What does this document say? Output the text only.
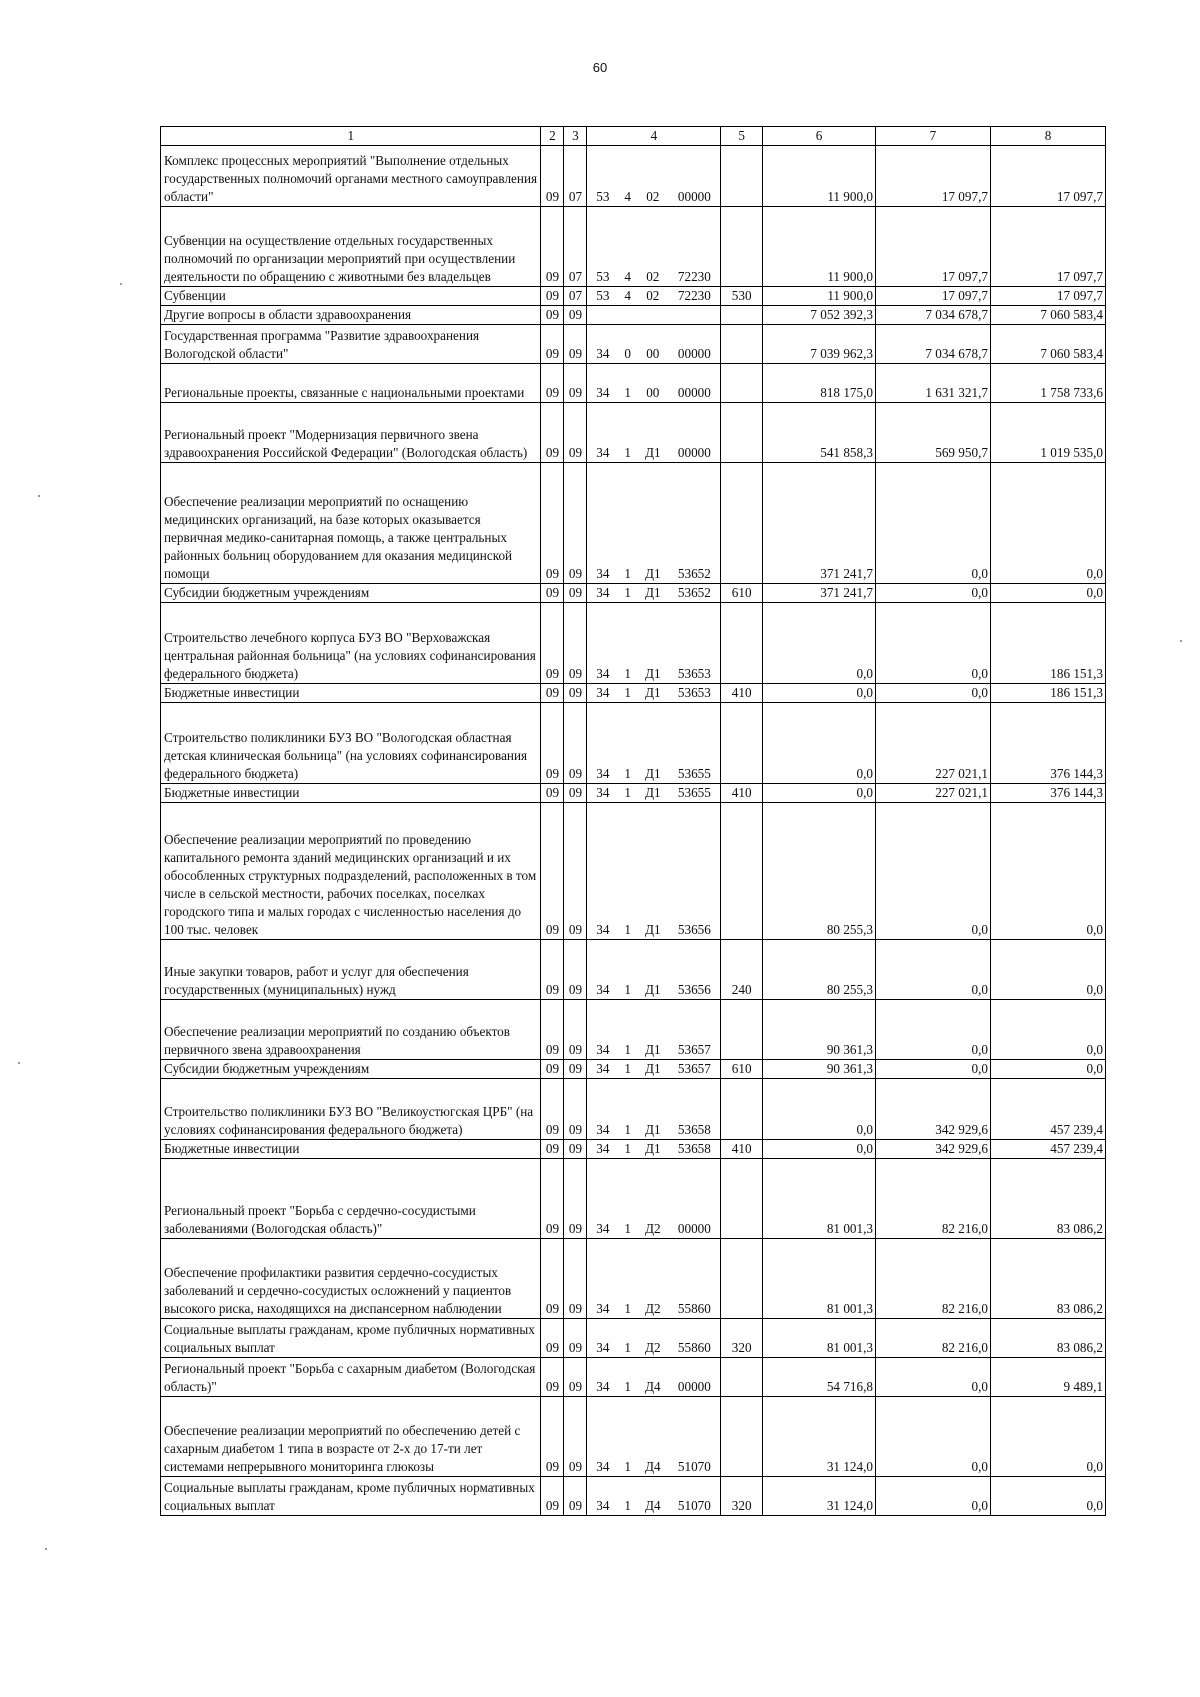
60
1	2	3	4				5	6	7	8
Комплекс процессных мероприятий "Выполнение отдельных государственных полномочий органами местного самоуправления области"	09	07	53	4	02	00000		11 900,0	17 097,7	17 097,7
Субвенции на осуществление отдельных государственных полномочий по организации мероприятий при осуществлении деятельности по обращению с животными без владельцев	09	07	53	4	02	72230		11 900,0	17 097,7	17 097,7
Субвенции	09	07	53	4	02	72230	530	11 900,0	17 097,7	17 097,7
Другие вопросы в области здравоохранения	09	09						7 052 392,3	7 034 678,7	7 060 583,4
Государственная программа "Развитие здравоохранения Вологодской области"	09	09	34	0	00	00000		7 039 962,3	7 034 678,7	7 060 583,4
Региональные проекты, связанные с национальными проектами	09	09	34	1	00	00000		818 175,0	1 631 321,7	1 758 733,6
Региональный проект "Модернизация первичного звена здравоохранения Российской Федерации" (Вологодская область)	09	09	34	1	Д1	00000		541 858,3	569 950,7	1 019 535,0
Обеспечение реализации мероприятий по оснащению медицинских организаций, на базе которых оказывается первичная медико-санитарная помощь, а также центральных районных больниц оборудованием для оказания медицинской помощи	09	09	34	1	Д1	53652		371 241,7	0,0	0,0
Субсидии бюджетным учреждениям	09	09	34	1	Д1	53652	610	371 241,7	0,0	0,0
Строительство лечебного корпуса БУЗ ВО "Верховажская центральная районная больница" (на условиях софинансирования федерального бюджета)	09	09	34	1	Д1	53653		0,0	0,0	186 151,3
Бюджетные инвестиции	09	09	34	1	Д1	53653	410	0,0	0,0	186 151,3
Строительство поликлиники БУЗ ВО "Вологодская областная детская клиническая больница" (на условиях софинансирования федерального бюджета)	09	09	34	1	Д1	53655		0,0	227 021,1	376 144,3
Бюджетные инвестиции	09	09	34	1	Д1	53655	410	0,0	227 021,1	376 144,3
Обеспечение реализации мероприятий по проведению капитального ремонта зданий медицинских организаций и их обособленных структурных подразделений, расположенных в том числе в сельской местности, рабочих поселках, поселках городского типа и малых городах с численностью населения до 100 тыс. человек	09	09	34	1	Д1	53656		80 255,3	0,0	0,0
Иные закупки товаров, работ и услуг для обеспечения государственных (муниципальных) нужд	09	09	34	1	Д1	53656	240	80 255,3	0,0	0,0
Обеспечение реализации мероприятий по созданию объектов первичного звена здравоохранения	09	09	34	1	Д1	53657		90 361,3	0,0	0,0
Субсидии бюджетным учреждениям	09	09	34	1	Д1	53657	610	90 361,3	0,0	0,0
Строительство поликлиники БУЗ ВО "Великоустюгская ЦРБ" (на условиях софинансирования федерального бюджета)	09	09	34	1	Д1	53658		0,0	342 929,6	457 239,4
Бюджетные инвестиции	09	09	34	1	Д1	53658	410	0,0	342 929,6	457 239,4
Региональный проект "Борьба с сердечно-сосудистыми заболеваниями (Вологодская область)"	09	09	34	1	Д2	00000		81 001,3	82 216,0	83 086,2
Обеспечение профилактики развития сердечно-сосудистых заболеваний и сердечно-сосудистых осложнений у пациентов высокого риска, находящихся на диспансерном наблюдении	09	09	34	1	Д2	55860		81 001,3	82 216,0	83 086,2
Социальные выплаты гражданам, кроме публичных нормативных социальных выплат	09	09	34	1	Д2	55860	320	81 001,3	82 216,0	83 086,2
Региональный проект "Борьба с сахарным диабетом (Вологодская область)"	09	09	34	1	Д4	00000		54 716,8	0,0	9 489,1
Обеспечение реализации мероприятий по обеспечению детей с сахарным диабетом 1 типа в возрасте от 2-х до 17-ти лет системами непрерывного мониторинга глюкозы	09	09	34	1	Д4	51070		31 124,0	0,0	0,0
Социальные выплаты гражданам, кроме публичных нормативных социальных выплат	09	09	34	1	Д4	51070	320	31 124,0	0,0	0,0
